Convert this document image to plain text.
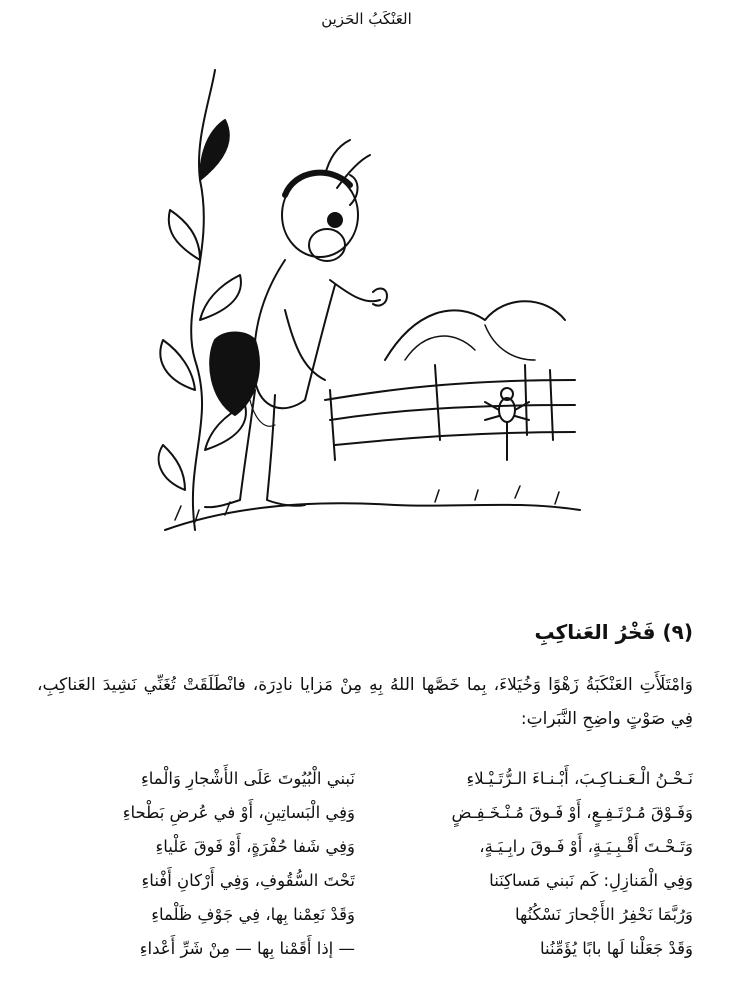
العَنْكَبُ الحَزين
(٩) فَخْرُ العَناكِبِ

وَامْتَلَأَتِ العَنْكَبَةُ زَهْوًا وَخُيَلاءَ، بِما خَصَّها اللهُ بِهِ مِنْ مَزايا نادِرَة، فانْطَلَقَتْ تُغَنِّي نَشِيدَ العَناكِبِ، فِي صَوْتٍ واضِحِ النَّبَراتِ:

نَـحْـنُ الْـعَـنـاكِـبَ، أَبْـنـاءَ الـرُّتَـيْـلاءِ
نَبني الْبُيُوتَ عَلَى الأَشْجارِ وَالْماءِ
وَفَـوْقَ مُـرْتَـفِـعٍ، أَوْ فَـوقَ مُـنْـخَـفِـضٍ
وَفِي الْبَساتِينِ، أَوْ في عُرضِ بَطْحاءِ
وَتَـحْـتَ أَقْـبِـيَـةٍ، أَوْ فَـوقَ رابِـيَـةٍ،
وَفِي شَفا حُفْرَةٍ، أَوْ فَوقَ عَلْياءِ
وَفِي الْمَنازِلِ: كَم نَبني مَساكِنَنا
تَحْتَ السُّقُوفِ، وَفِي أَرْكانِ أَفْناءِ
وَرُبَّمَا نَحْفِرُ الأَجْحارَ نَسْكُنُها
وَقَدْ نَعِمْنا بِها، فِي جَوْفِ ظَلْماءِ
وَقَدْ جَعَلْنا لَها بابًا يُؤَمِّنُنا
— إذا أَقَمْنا بِها — مِنْ شَرِّ أَعْداءِ
